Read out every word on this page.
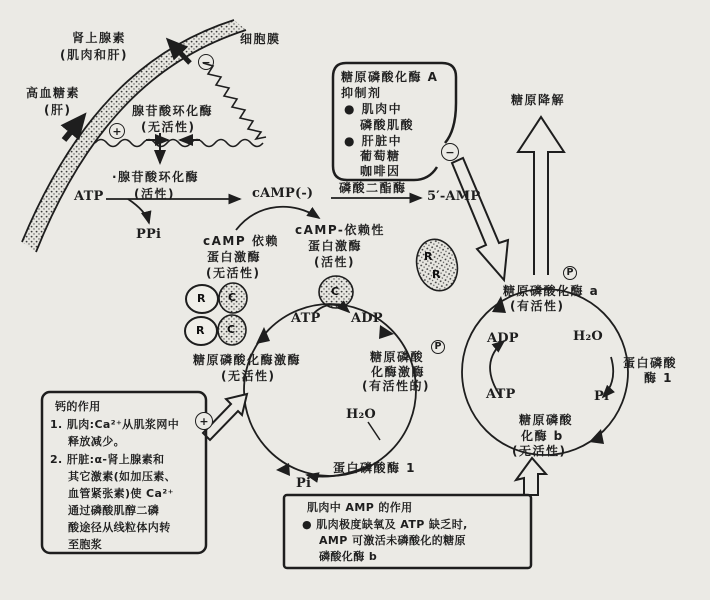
细胞膜
肾上腺素
(肌肉和肝)
高血糖素
(肝)
+
−
腺苷酸环化酶
(无活性)
·腺苷酸环化酶
(活性)
ATP
PPi
cAMP(-) 磷酸二酯酶
5′-AMP
cAMP 依赖
蛋白激酶
(无活性)
cAMP-依赖性
蛋白激酶
(活性)
R C
R C
C
R
R
糖原磷酸化酶 A
抑制剂
● 肌肉中
磷酸肌酸
● 肝脏中
葡萄糖
咖啡因
−
糖原降解
糖原磷酸化酶激酶
(无活性)
糖原磷酸
化酶激酶
(有活性的)
ATP ADP
H₂O
蛋白磷酸酶 1
Pi
P
糖原磷酸化酶 a
(有活性)
P
ADP	H₂O
ATP	Pi
蛋白磷酸
酶 1
糖原磷酸
化酶 b
(无活性)
钙的作用
1. 肌肉:Ca²⁺从肌浆网中
释放减少。
2. 肝脏:α-肾上腺素和
其它激素(如加压素、
血管紧张素)使 Ca²⁺
通过磷酸肌醇二磷
酸途径从线粒体内转
至胞浆
+
肌肉中 AMP 的作用
● 肌肉极度缺氧及 ATP 缺乏时,
AMP 可激活未磷酸化的糖原
磷酸化酶 b
